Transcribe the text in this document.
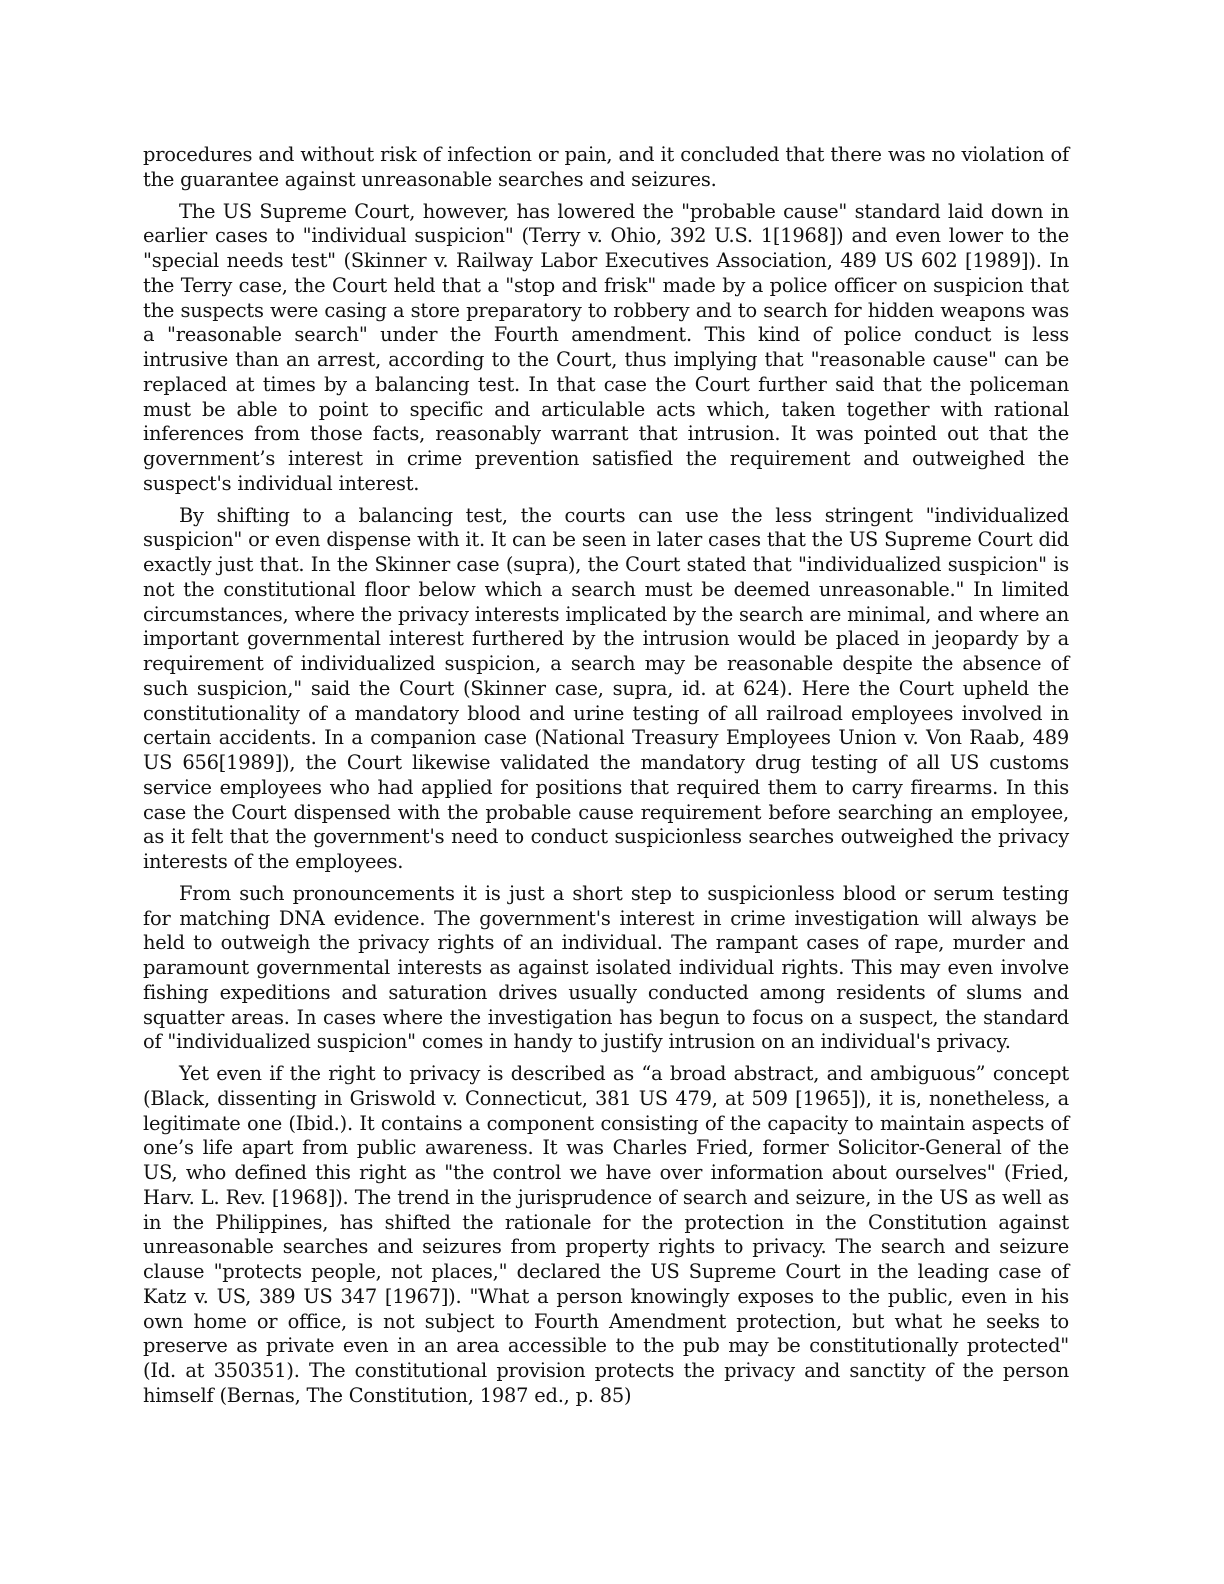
procedures and without risk of infection or pain, and it concluded that there was no violation of the guarantee against unreasonable searches and seizures.

The US Supreme Court, however, has lowered the "probable cause" standard laid down in earlier cases to "individual suspicion" (Terry v. Ohio, 392 U.S. 1[1968]) and even lower to the "special needs test" (Skinner v. Railway Labor Executives Association, 489 US 602 [1989]). In the Terry case, the Court held that a "stop and frisk" made by a police officer on suspicion that the suspects were casing a store preparatory to robbery and to search for hidden weapons was a "reasonable search" under the Fourth amendment. This kind of police conduct is less intrusive than an arrest, according to the Court, thus implying that "reasonable cause" can be replaced at times by a balancing test. In that case the Court further said that the policeman must be able to point to specific and articulable acts which, taken together with rational inferences from those facts, reasonably warrant that intrusion. It was pointed out that the government’s interest in crime prevention satisfied the requirement and outweighed the suspect's individual interest.

By shifting to a balancing test, the courts can use the less stringent "individualized suspicion" or even dispense with it. It can be seen in later cases that the US Supreme Court did exactly just that. In the Skinner case (supra), the Court stated that "individualized suspicion" is not the constitutional floor below which a search must be deemed unreasonable." In limited circumstances, where the privacy interests implicated by the search are minimal, and where an important governmental interest furthered by the intrusion would be placed in jeopardy by a requirement of individualized suspicion, a search may be reasonable despite the absence of such suspicion," said the Court (Skinner case, supra, id. at 624). Here the Court upheld the constitutionality of a mandatory blood and urine testing of all railroad employees involved in certain accidents. In a companion case (National Treasury Employees Union v. Von Raab, 489 US 656[1989]), the Court likewise validated the mandatory drug testing of all US customs service employees who had applied for positions that required them to carry firearms. In this case the Court dispensed with the probable cause requirement before searching an employee, as it felt that the government's need to conduct suspicionless searches outweighed the privacy interests of the employees.

From such pronouncements it is just a short step to suspicionless blood or serum testing for matching DNA evidence. The government's interest in crime investigation will always be held to outweigh the privacy rights of an individual. The rampant cases of rape, murder and paramount governmental interests as against isolated individual rights. This may even involve fishing expeditions and saturation drives usually conducted among residents of slums and squatter areas. In cases where the investigation has begun to focus on a suspect, the standard of "individualized suspicion" comes in handy to justify intrusion on an individual's privacy.

Yet even if the right to privacy is described as “a broad abstract, and ambiguous” concept (Black, dissenting in Griswold v. Connecticut, 381 US 479, at 509 [1965]), it is, nonetheless, a legitimate one (Ibid.). It contains a component consisting of the capacity to maintain aspects of one’s life apart from public awareness. It was Charles Fried, former Solicitor-General of the US, who defined this right as "the control we have over information about ourselves" (Fried, Harv. L. Rev. [1968]). The trend in the jurisprudence of search and seizure, in the US as well as in the Philippines, has shifted the rationale for the protection in the Constitution against unreasonable searches and seizures from property rights to privacy. The search and seizure clause "protects people, not places," declared the US Supreme Court in the leading case of Katz v. US, 389 US 347 [1967]). "What a person knowingly exposes to the public, even in his own home or office, is not subject to Fourth Amendment protection, but what he seeks to preserve as private even in an area accessible to the pub may be constitutionally protected" (Id. at 350351). The constitutional provision protects the privacy and sanctity of the person himself (Bernas, The Constitution, 1987 ed., p. 85)
